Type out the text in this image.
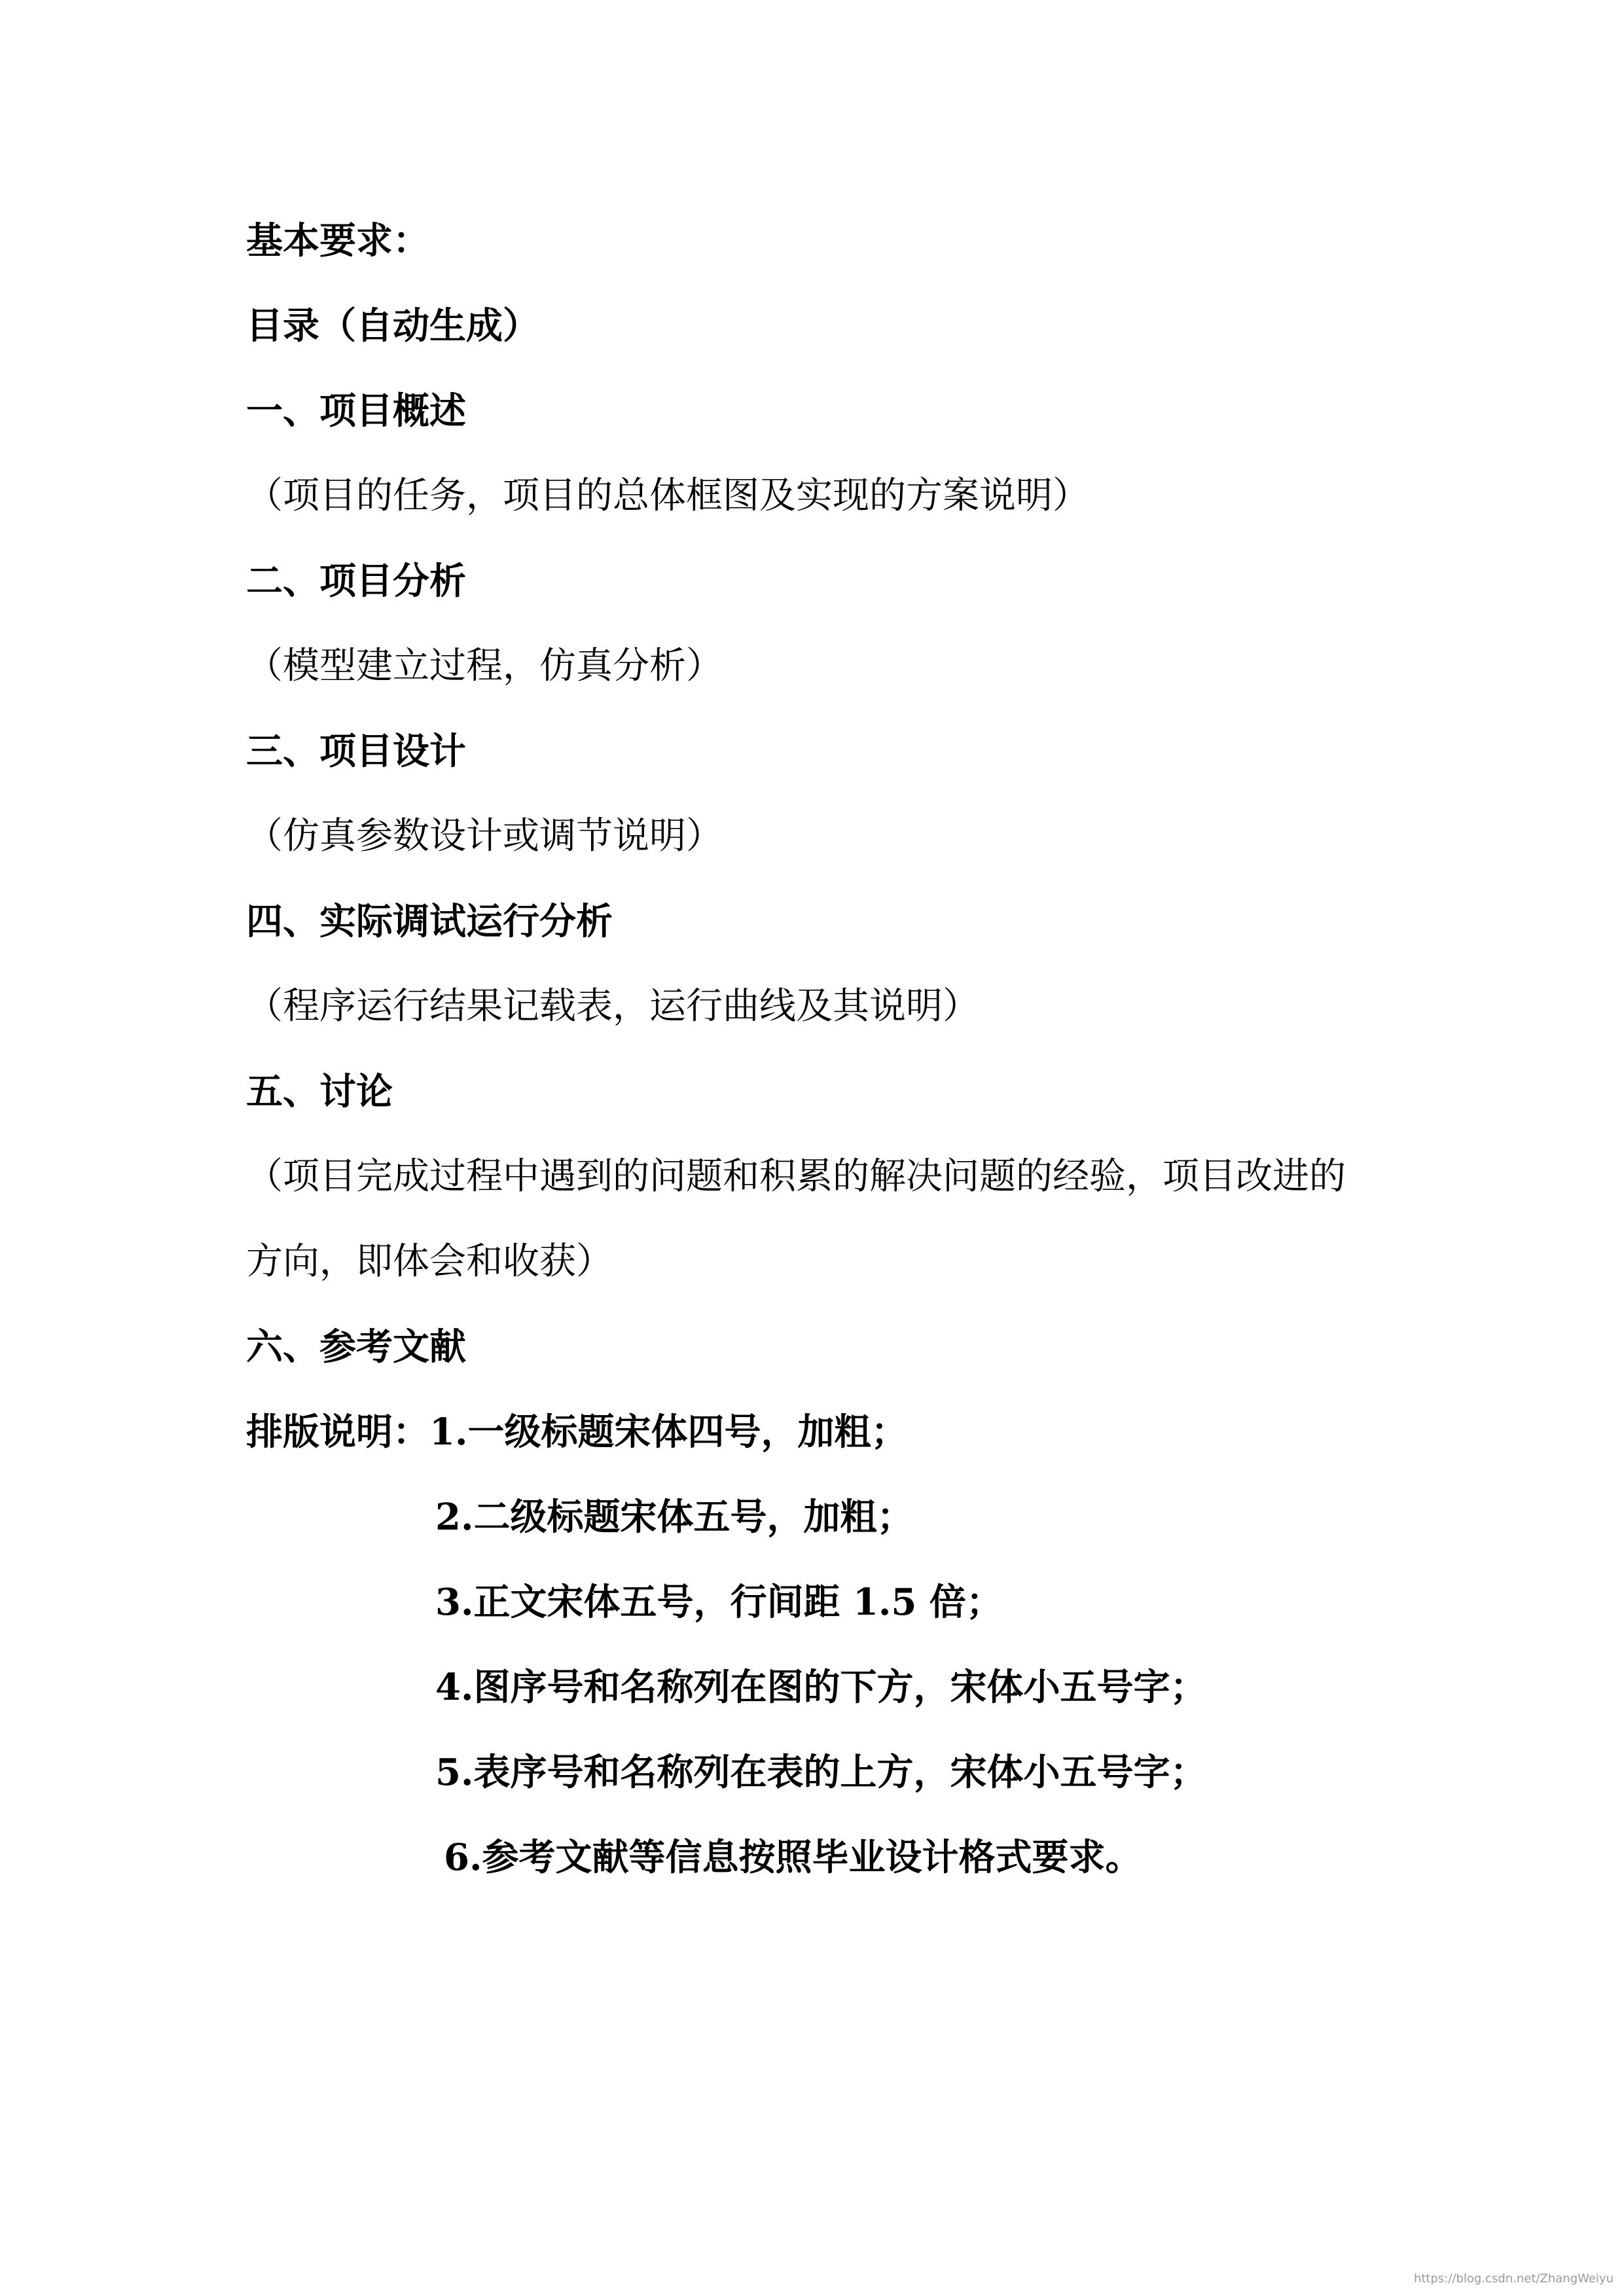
基本要求：
目录（自动生成）
一、项目概述
（项目的任务，项目的总体框图及实现的方案说明）
二、项目分析
（模型建立过程，仿真分析）
三、项目设计
（仿真参数设计或调节说明）
四、实际调试运行分析
（程序运行结果记载表，运行曲线及其说明）
五、讨论
（项目完成过程中遇到的问题和积累的解决问题的经验，项目改进的
方向，即体会和收获）
六、参考文献
排版说明：1.一级标题宋体四号，加粗；
2.二级标题宋体五号，加粗；
3.正文宋体五号，行间距 1.5 倍；
4.图序号和名称列在图的下方，宋体小五号字；
5.表序号和名称列在表的上方，宋体小五号字；
6.参考文献等信息按照毕业设计格式要求。
https://blog.csdn.net/ZhangWeiyu
